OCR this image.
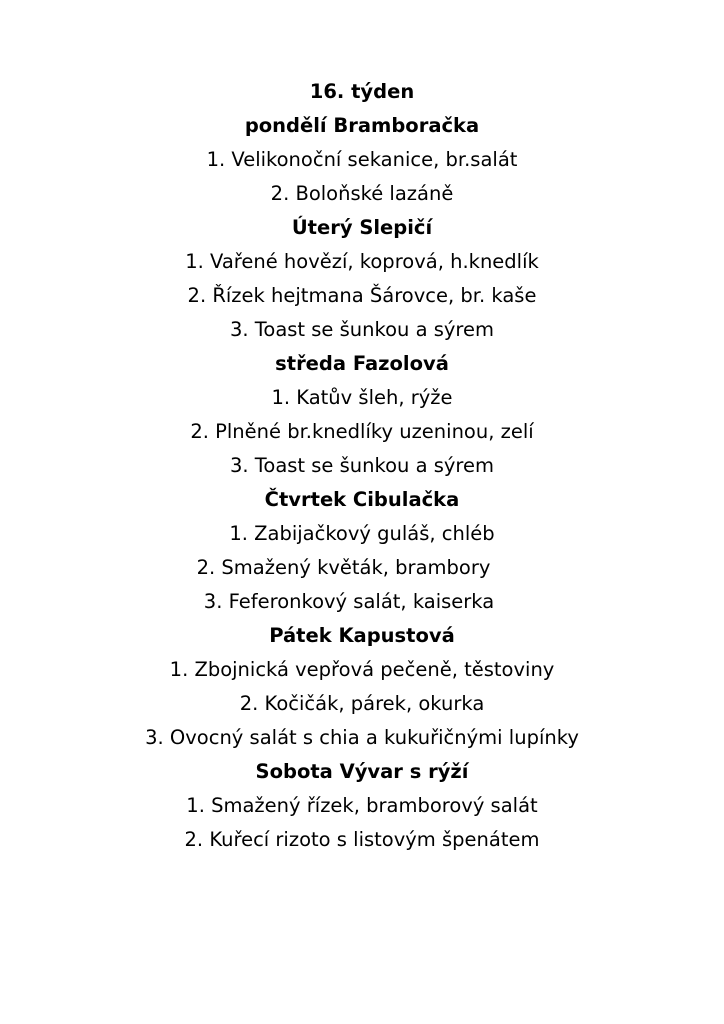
16. týden
pondělí Bramboračka
1. Velikonoční sekanice, br.salát
2. Boloňské lazáně
Úterý Slepičí
1. Vařené hovězí, koprová, h.knedlík
2. Řízek hejtmana Šárovce, br. kaše
3. Toast se šunkou a sýrem
středa Fazolová
1. Katův šleh, rýže
2. Plněné br.knedlíky uzeninou, zelí
3. Toast se šunkou a sýrem
Čtvrtek Cibulačka
1. Zabijačkový guláš, chléb
2. Smažený květák, brambory
3. Feferonkový salát, kaiserka
Pátek Kapustová
1. Zbojnická vepřová pečeně, těstoviny
2. Kočičák, párek, okurka
3. Ovocný salát s chia a kukuřičnými lupínky
Sobota Vývar s rýží
1. Smažený řízek, bramborový salát
2. Kuřecí rizoto s listovým špenátem
